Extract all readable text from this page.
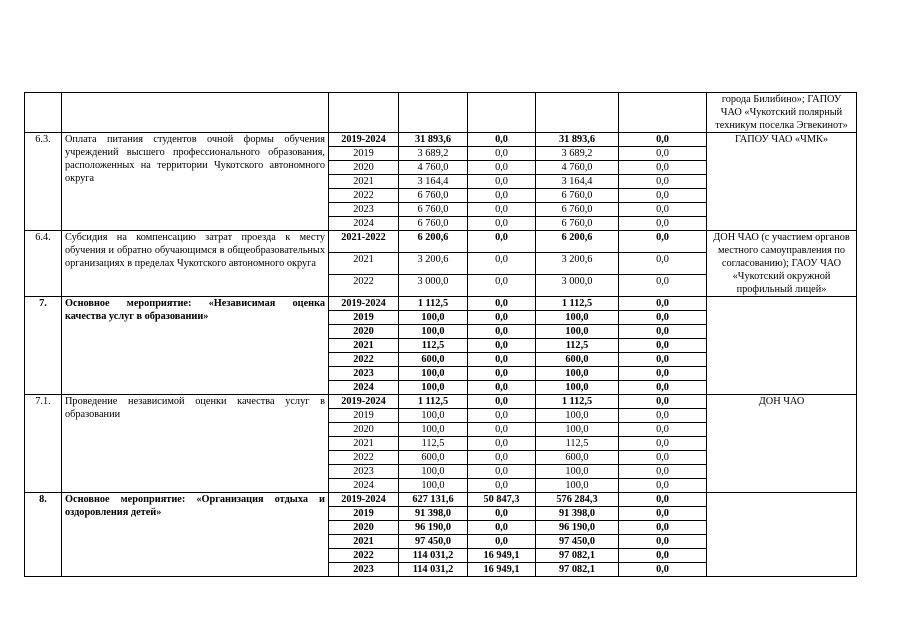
							города Билибино»; ГАПОУ ЧАО «Чукотский полярный техникум поселка Эгвекинот»
6.3.	Оплата питания студентов очной формы обучения учреждений высшего профессионального образования, расположенных на территории Чукотского автономного округа	2019-2024	31 893,6	0,0	31 893,6	0,0	ГАПОУ ЧАО «ЧМК»
		2019	3 689,2	0,0	3 689,2	0,0	
		2020	4 760,0	0,0	4 760,0	0,0	
		2021	3 164,4	0,0	3 164,4	0,0	
		2022	6 760,0	0,0	6 760,0	0,0	
		2023	6 760,0	0,0	6 760,0	0,0	
		2024	6 760,0	0,0	6 760,0	0,0	
6.4.	Субсидия на компенсацию затрат проезда к месту обучения и обратно обучающимся в общеобразовательных организациях в пределах Чукотского автономного округа	2021-2022	6 200,6	0,0	6 200,6	0,0	ДОН ЧАО (с участием органов местного самоуправления по согласованию); ГАОУ ЧАО «Чукотский окружной профильный лицей»
		2021	3 200,6	0,0	3 200,6	0,0	
		2022	3 000,0	0,0	3 000,0	0,0	
7.	Основное мероприятие: «Независимая оценка качества услуг в образовании»	2019-2024	1 112,5	0,0	1 112,5	0,0	
		2019	100,0	0,0	100,0	0,0	
		2020	100,0	0,0	100,0	0,0	
		2021	112,5	0,0	112,5	0,0	
		2022	600,0	0,0	600,0	0,0	
		2023	100,0	0,0	100,0	0,0	
		2024	100,0	0,0	100,0	0,0	
7.1.	Проведение независимой оценки качества услуг в образовании	2019-2024	1 112,5	0,0	1 112,5	0,0	ДОН ЧАО
		2019	100,0	0,0	100,0	0,0	
		2020	100,0	0,0	100,0	0,0	
		2021	112,5	0,0	112,5	0,0	
		2022	600,0	0,0	600,0	0,0	
		2023	100,0	0,0	100,0	0,0	
		2024	100,0	0,0	100,0	0,0	
8.	Основное мероприятие: «Организация отдыха и оздоровления детей»	2019-2024	627 131,6	50 847,3	576 284,3	0,0	
		2019	91 398,0	0,0	91 398,0	0,0	
		2020	96 190,0	0,0	96 190,0	0,0	
		2021	97 450,0	0,0	97 450,0	0,0	
		2022	114 031,2	16 949,1	97 082,1	0,0	
		2023	114 031,2	16 949,1	97 082,1	0,0	
